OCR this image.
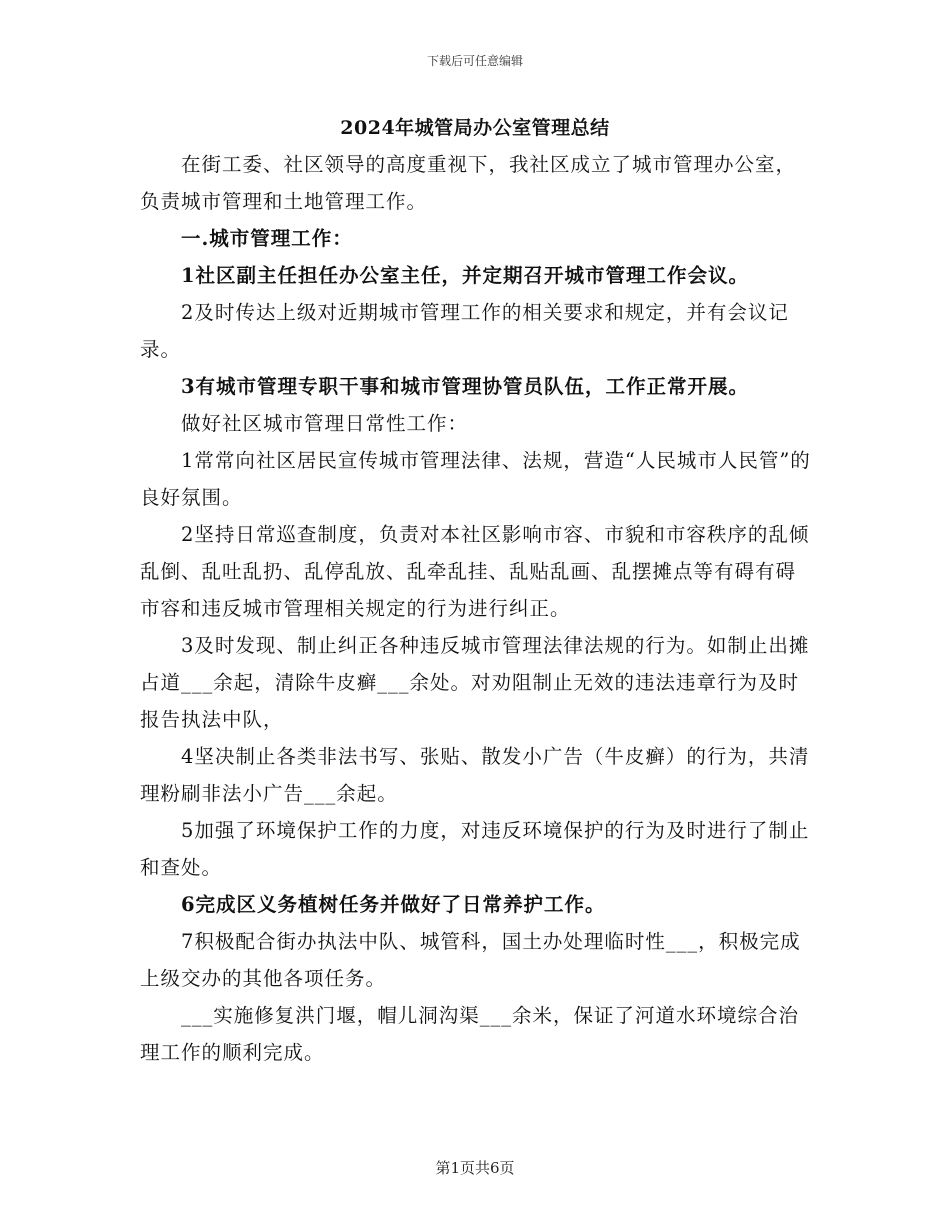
下载后可任意编辑
2024年城管局办公室管理总结

在街工委、社区领导的高度重视下，我社区成立了城市管理办公室，负责城市管理和土地管理工作。

一.城市管理工作：

1社区副主任担任办公室主任，并定期召开城市管理工作会议。

2及时传达上级对近期城市管理工作的相关要求和规定，并有会议记录。

3有城市管理专职干事和城市管理协管员队伍，工作正常开展。

做好社区城市管理日常性工作：

1常常向社区居民宣传城市管理法律、法规，营造“人民城市人民管”的良好氛围。

2坚持日常巡查制度，负责对本社区影响市容、市貌和市容秩序的乱倾乱倒、乱吐乱扔、乱停乱放、乱牵乱挂、乱贴乱画、乱摆摊点等有碍有碍市容和违反城市管理相关规定的行为进行纠正。

3及时发现、制止纠正各种违反城市管理法律法规的行为。如制止出摊占道___余起，清除牛皮癣___余处。对劝阻制止无效的违法违章行为及时报告执法中队，

4坚决制止各类非法书写、张贴、散发小广告（牛皮癣）的行为，共清理粉刷非法小广告___余起。

5加强了环境保护工作的力度，对违反环境保护的行为及时进行了制止和查处。

6完成区义务植树任务并做好了日常养护工作。

7积极配合街办执法中队、城管科，国土办处理临时性___，积极完成上级交办的其他各项任务。

___实施修复洪门堰，帽儿洞沟渠___余米，保证了河道水环境综合治理工作的顺利完成。

第1页共6页
